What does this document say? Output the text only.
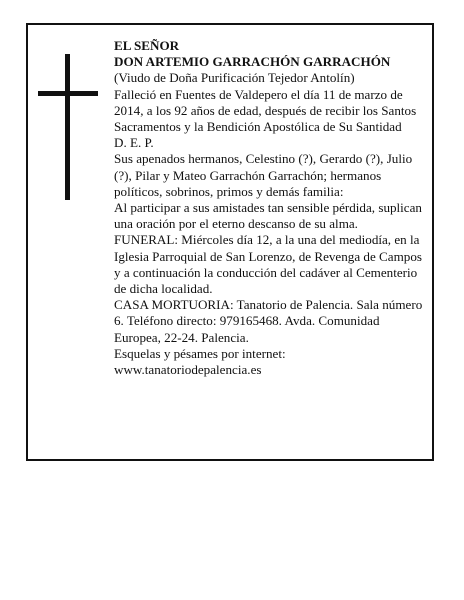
EL SEÑOR

DON ARTEMIO GARRACHÓN GARRACHÓN

(Viudo de Doña Purificación Tejedor Antolín)

Falleció en Fuentes de Valdepero el día 11 de marzo de 2014, a los 92 años de edad, después de recibir los Santos Sacramentos y la Bendición Apostólica de Su Santidad

D. E. P.

Sus apenados hermanos, Celestino (?), Gerardo (?), Julio (?), Pilar y Mateo Garrachón Garrachón; hermanos políticos, sobrinos, primos y demás familia:

Al participar a sus amistades tan sensible pérdida, suplican una oración por el eterno descanso de su alma.

FUNERAL: Miércoles día 12, a la una del mediodía, en la Iglesia Parroquial de San Lorenzo, de Revenga de Campos y a continuación la conducción del cadáver al Cementerio de dicha localidad.

CASA MORTUORIA: Tanatorio de Palencia. Sala número 6. Teléfono directo: 979165468. Avda. Comunidad Europea, 22-24. Palencia.

Esquelas y pésames por internet:

www.tanatoriodepalencia.es
